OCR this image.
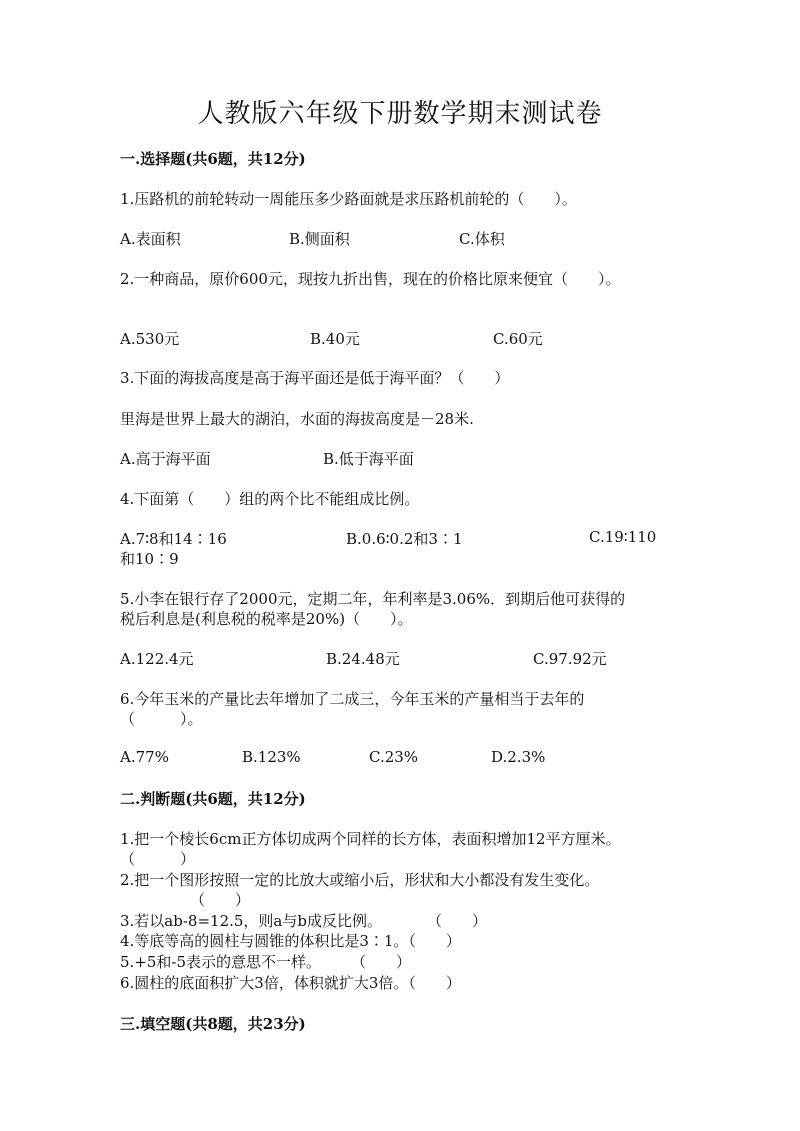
人教版六年级下册数学期末测试卷
一.选择题(共6题，共12分)
1.压路机的前轮转动一周能压多少路面就是求压路机前轮的（　　）。
A.表面积	B.侧面积	C.体积
2.一种商品，原价600元，现按九折出售，现在的价格比原来便宜（　　）。
A.530元	B.40元	C.60元
3.下面的海拔高度是高于海平面还是低于海平面？（　　）
里海是世界上最大的湖泊，水面的海拔高度是－28米.
A.高于海平面	B.低于海平面
4.下面第（　　）组的两个比不能组成比例。
A.7∶8和14∶16	B.0.6∶0.2和3∶1	C.19∶110
和10∶9
5.小李在银行存了2000元，定期二年，年利率是3.06%．到期后他可获得的
税后利息是(利息税的税率是20%)（　　）。
A.122.4元	B.24.48元	C.97.92元
6.今年玉米的产量比去年增加了二成三，今年玉米的产量相当于去年的
（　　　）。
A.77%	B.123%	C.23%	D.2.3%
二.判断题(共6题，共12分)
1.把一个棱长6cm正方体切成两个同样的长方体，表面积增加12平方厘米。
（　　　）
2.把一个图形按照一定的比放大或缩小后，形状和大小都没有发生变化。
（　　）
3.若以ab-8=12.5，则a与b成反比例。　　　　（　　）
4.等底等高的圆柱与圆锥的体积比是3∶1。（　　）
5.+5和-5表示的意思不一样。　　　（　　）
6.圆柱的底面积扩大3倍，体积就扩大3倍。（　　）
三.填空题(共8题，共23分)
